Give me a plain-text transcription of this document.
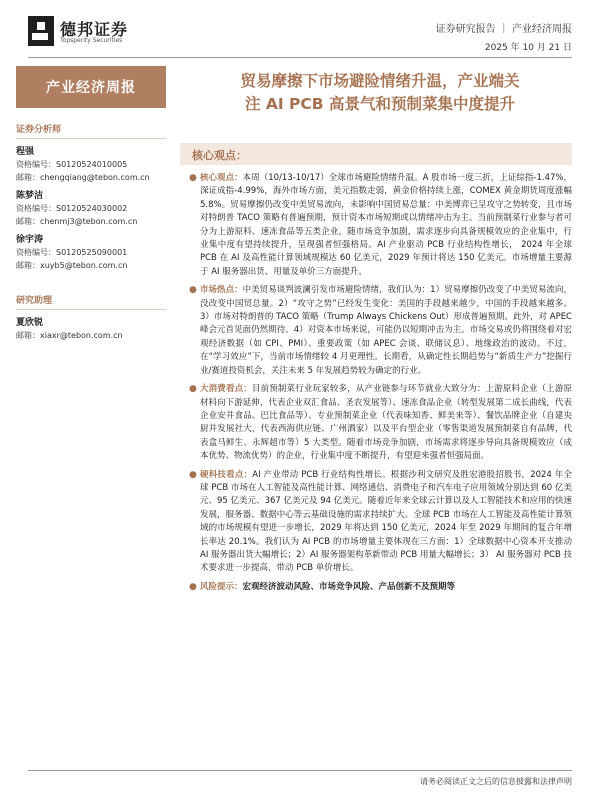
德邦证券
Topsperity Securities
证券研究报告 ｜ 产业经济周报
2025 年 10 月 21 日
产业经济周报
证券分析师
程强
资格编号：S0120524010005
邮箱：chengqiang@tebon.com.cn
陈梦洁
资格编号：S0120524030002
邮箱：chenmj3@tebon.com.cn
徐宇涛
资格编号：S0120525090001
邮箱：xuyb5@tebon.com.cn
研究助理
夏欣锐
邮箱：xiaxr@tebon.com.cn
贸易摩擦下市场避险情绪升温，产业端关
注 AI PCB 高景气和预制菜集中度提升
核心观点：
● 核心观点：本周（10/13-10/17）全球市场避险情绪升温。A 股市场一度三折，上证综指-1.47%，深证成指-4.99%，海外市场方面，美元指数走弱，黄金价格持续上涨，COMEX 黄金期货周度涨幅 5.8%。贸易摩擦仍改变中美贸易流向，未影响中国贸易总量：中美博弈已呈攻守之势转变，且市场对特朗普 TACO 策略有普遍预期，预计资本市场短期或以情绪冲击为主。当前预制菜行业参与者可分为上游原料、速冻食品等五类企业，随市场竞争加剧，需求逐步向具备规模效应的企业集中，行业集中度有望持续提升，呈现强者恒强格局。AI 产业驱动 PCB 行业结构性增长， 2024 年全球 PCB 在 AI 及高性能计算领域规模达 60 亿美元，2029 年预计将达 150 亿美元。市场增量主要源于 AI 服务器出货、用量及单价三方面提升。
● 市场热点：中美贸易谈判波澜引发市场避险情绪，我们认为：1）贸易摩擦仍改变了中美贸易流向，没改变中国贸总量。2）“攻守之势”已经发生变化：美国的手段越来越少，中国的手段越来越多。3）市场对特朗普的 TACO 策略（Trump Always Chickens Out）形成普遍预期。此外，对 APEC 峰会元首见面仍然期待。4）对资本市场来说，可能仍以短期冲击为主。市场交易或仍将围绕着对宏观经济数据（如 CPI、PMI）、重要政策（如 APEC 会谈、联储议息）、地缘政治的波动。不过，在“学习效应”下，当前市场情绪较 4 月更理性。长期看，从确定性长期趋势与“新质生产力”挖掘行业/赛道投资机会，关注未来 5 年发展趋势较为确定的行业。
● 大消费看点：目前预制菜行业玩家较多，从产业链参与环节就业大致分为：上游原料企业（上游原材料向下游延伸，代表企业双汇食品、圣农发展等）、速冻食品企业（转型发展第二成长曲线，代表企业安井食品、巴比食品等）、专业预制菜企业（代表味知香、鲜美来等）、餐饮品牌企业（自建央厨并发展社大，代表西海供应链、广州酒家）以及平台型企业（零售渠道发展预制菜自有品牌，代表盒马鲜生、永辉超市等）5 大类型。随着市场竞争加剧，市场需求将逐步导向具备规模效应（成本优势、物流优势）的企业，行业集中度不断提升，有望迎来强者恒强局面。
● 硬科技看点：AI 产业带动 PCB 行业结构性增长。根据沙利文研究及胜宏港股招股书，2024 年全球 PCB 市场在人工智能及高性能计算、网络通信、消费电子和汽车电子应用领域分别达到 60 亿美元、95 亿美元、367 亿美元及 94 亿美元。随着近年来全球云计算以及人工智能技术和应用的快速发展，服务器、数据中心等云基础设施的需求持续扩大。全球 PCB 市场在人工智能及高性能计算领域的市场规模有望进一步增长，2029 年将达到 150 亿美元，2024 年至 2029 年期间的复合年增长率达 20.1%。我们认为 AI PCB 的市场增量主要体现在三方面：1）全球数据中心资本开支推动 AI 服务器出货大幅增长；2）AI 服务器架构革新带动 PCB 用量大幅增长；3） AI 服务器对 PCB 技术要求进一步提高，带动 PCB 单价增长。
● 风险提示：宏观经济波动风险、市场竞争风险、产品创新不及预期等
请务必阅读正文之后的信息披露和法律声明
